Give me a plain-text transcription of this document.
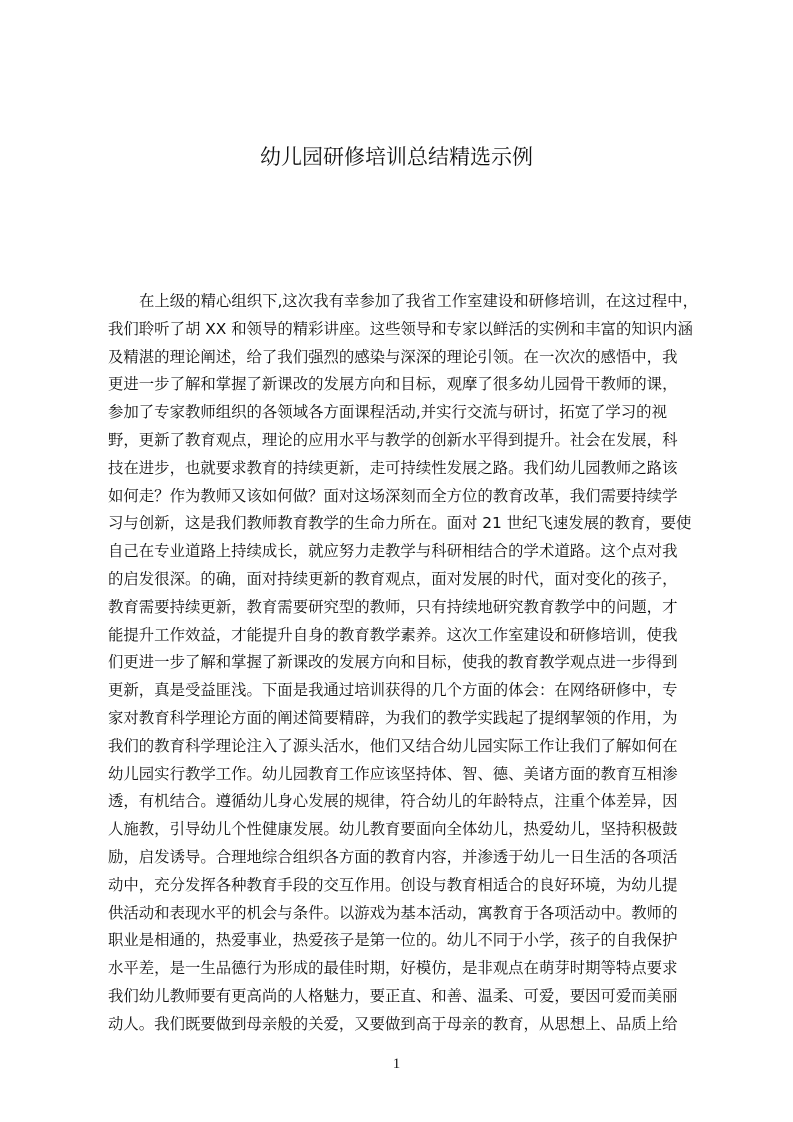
幼儿园研修培训总结精选示例
在上级的精心组织下,这次我有幸参加了我省工作室建设和研修培训，在这过程中，
我们聆听了胡 XX 和领导的精彩讲座。这些领导和专家以鲜活的实例和丰富的知识内涵
及精湛的理论阐述，给了我们强烈的感染与深深的理论引领。在一次次的感悟中，我
更进一步了解和掌握了新课改的发展方向和目标，观摩了很多幼儿园骨干教师的课，
参加了专家教师组织的各领域各方面课程活动,并实行交流与研讨，拓宽了学习的视
野，更新了教育观点，理论的应用水平与教学的创新水平得到提升。社会在发展，科
技在进步，也就要求教育的持续更新，走可持续性发展之路。我们幼儿园教师之路该
如何走？作为教师又该如何做？面对这场深刻而全方位的教育改革，我们需要持续学
习与创新，这是我们教师教育教学的生命力所在。面对 21 世纪飞速发展的教育，要使
自己在专业道路上持续成长，就应努力走教学与科研相结合的学术道路。这个点对我
的启发很深。的确，面对持续更新的教育观点，面对发展的时代，面对变化的孩子，
教育需要持续更新，教育需要研究型的教师，只有持续地研究教育教学中的问题，才
能提升工作效益，才能提升自身的教育教学素养。这次工作室建设和研修培训，使我
们更进一步了解和掌握了新课改的发展方向和目标，使我的教育教学观点进一步得到
更新，真是受益匪浅。下面是我通过培训获得的几个方面的体会：在网络研修中，专
家对教育科学理论方面的阐述简要精辟，为我们的教学实践起了提纲挈领的作用，为
我们的教育科学理论注入了源头活水，他们又结合幼儿园实际工作让我们了解如何在
幼儿园实行教学工作。幼儿园教育工作应该坚持体、智、德、美诸方面的教育互相渗
透，有机结合。遵循幼儿身心发展的规律，符合幼儿的年龄特点，注重个体差异，因
人施教，引导幼儿个性健康发展。幼儿教育要面向全体幼儿，热爱幼儿，坚持积极鼓
励，启发诱导。合理地综合组织各方面的教育内容，并渗透于幼儿一日生活的各项活
动中，充分发挥各种教育手段的交互作用。创设与教育相适合的良好环境，为幼儿提
供活动和表现水平的机会与条件。以游戏为基本活动，寓教育于各项活动中。教师的
职业是相通的，热爱事业，热爱孩子是第一位的。幼儿不同于小学，孩子的自我保护
水平差，是一生品德行为形成的最佳时期，好模仿，是非观点在萌芽时期等特点要求
我们幼儿教师要有更高尚的人格魅力，要正直、和善、温柔、可爱，要因可爱而美丽
动人。我们既要做到母亲般的关爱，又要做到高于母亲的教育，从思想上、品质上给
1
